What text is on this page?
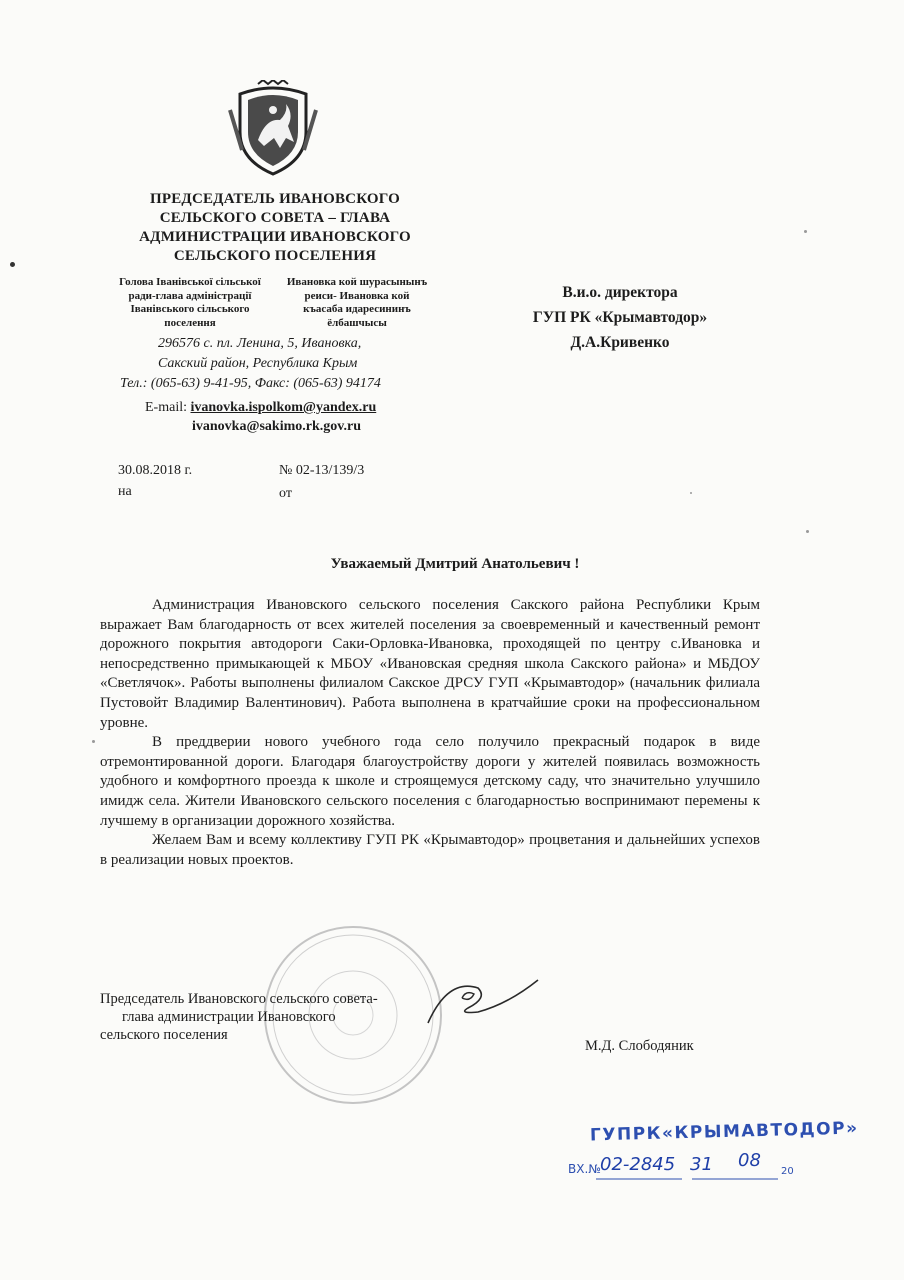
ПРЕДСЕДАТЕЛЬ ИВАНОВСКОГО
СЕЛЬСКОГО СОВЕТА – ГЛАВА
АДМИНИСТРАЦИИ ИВАНОВСКОГО
СЕЛЬСКОГО ПОСЕЛЕНИЯ
Голова Іванівської сільської
ради-глава адміністрації
Іванівського сільського
поселення
Ивановка кой шурасынынъ
реиси- Ивановка кой
къасаба идаресининъ
ёлбашчысы
296576 с. пл. Ленина, 5, Ивановка,
Сакский район, Республика Крым
Тел.: (065-63) 9-41-95, Факс: (065-63) 94174
E-mail: ivanovka.ispolkom@yandex.ru
ivanovka@sakimo.rk.gov.ru
В.и.о. директора
ГУП РК «Крымавтодор»
Д.А.Кривенко
30.08.2018 г.
на
№ 02-13/139/3
от
Уважаемый Дмитрий Анатольевич !

Администрация Ивановского сельского поселения Сакского района Республики Крым выражает Вам благодарность от всех жителей поселения за своевременный и качественный ремонт дорожного покрытия автодороги Саки-Орловка-Ивановка, проходящей по центру с.Ивановка и непосредственно примыкающей к МБОУ «Ивановская средняя школа Сакского района» и МБДОУ «Светлячок». Работы выполнены филиалом Сакское ДРСУ ГУП «Крымавтодор» (начальник филиала Пустовойт Владимир Валентинович). Работа выполнена в кратчайшие сроки на профессиональном уровне.

В преддверии нового учебного года село получило прекрасный подарок в виде отремонтированной дороги. Благодаря благоустройству дороги у жителей появилась возможность удобного и комфортного проезда к школе и строящемуся детскому саду, что значительно улучшило имидж села. Жители Ивановского сельского поселения с благодарностью воспринимают перемены к лучшему в организации дорожного хозяйства.

Желаем Вам и всему коллективу ГУП РК «Крымавтодор» процветания и дальнейших успехов в реализации новых проектов.

Председатель Ивановского сельского совета-
глава администрации Ивановского
сельского поселения
М.Д. Слободяник
ГУПРК«КРЫМАВТОДОР»
ВХ.№ 02-2845 31 08
20
